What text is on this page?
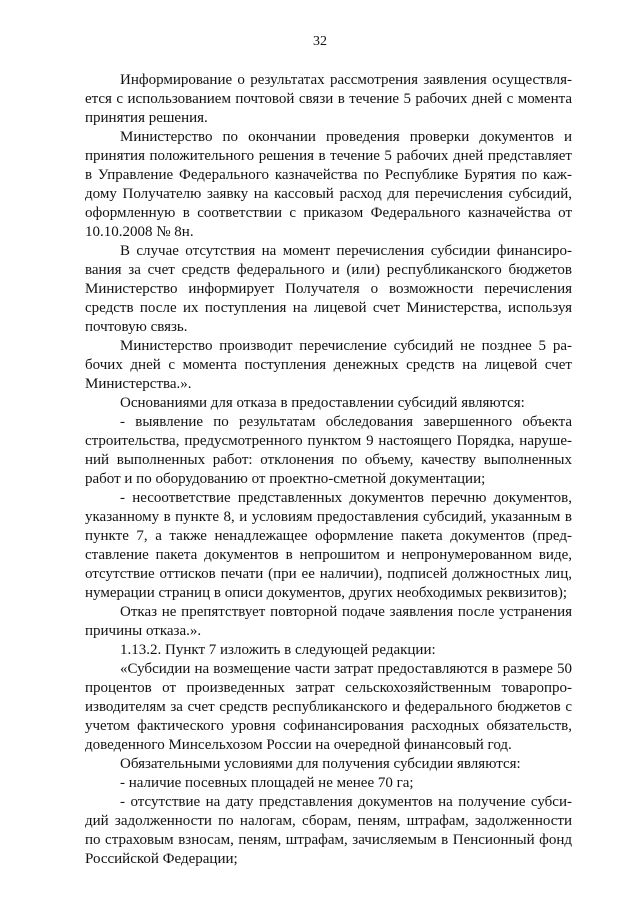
32

Информирование о результатах рассмотрения заявления осуществляется с использованием почтовой связи в течение 5 рабочих дней с момента принятия решения.

Министерство по окончании проведения проверки документов и принятия положительного решения в течение 5 рабочих дней представляет в Управление Федерального казначейства по Республике Бурятия по каждому Получателю заявку на кассовый расход для перечисления субсидий, оформленную в соответствии с приказом Федерального казначейства от 10.10.2008 № 8н.

В случае отсутствия на момент перечисления субсидии финансирования за счет средств федерального и (или) республиканского бюджетов Министерство информирует Получателя о возможности перечисления средств после их поступления на лицевой счет Министерства, используя почтовую связь.

Министерство производит перечисление субсидий не позднее 5 рабочих дней с момента поступления денежных средств на лицевой счет Министерства.».

Основаниями для отказа в предоставлении субсидий являются:

- выявление по результатам обследования завершенного объекта строительства, предусмотренного пунктом 9 настоящего Порядка, нарушений выполненных работ: отклонения по объему, качеству выполненных работ и по оборудованию от проектно-сметной документации;

- несоответствие представленных документов перечню документов, указанному в пункте 8, и условиям предоставления субсидий, указанным в пункте 7, а также ненадлежащее оформление пакета документов (представление пакета документов в непрошитом и непронумерованном виде, отсутствие оттисков печати (при ее наличии), подписей должностных лиц, нумерации страниц в описи документов, других необходимых реквизитов);

Отказ не препятствует повторной подаче заявления после устранения причины отказа.».

1.13.2. Пункт 7 изложить в следующей редакции:

«Субсидии на возмещение части затрат предоставляются в размере 50 процентов от произведенных затрат сельскохозяйственным товаропроизводителям за счет средств республиканского и федерального бюджетов с учетом фактического уровня софинансирования расходных обязательств, доведенного Минсельхозом России на очередной финансовый год.

Обязательными условиями для получения субсидии являются:

- наличие посевных площадей не менее 70 га;

- отсутствие на дату представления документов на получение субсидий задолженности по налогам, сборам, пеням, штрафам, задолженности по страховым взносам, пеням, штрафам, зачисляемым в Пенсионный фонд Российской Федерации;
